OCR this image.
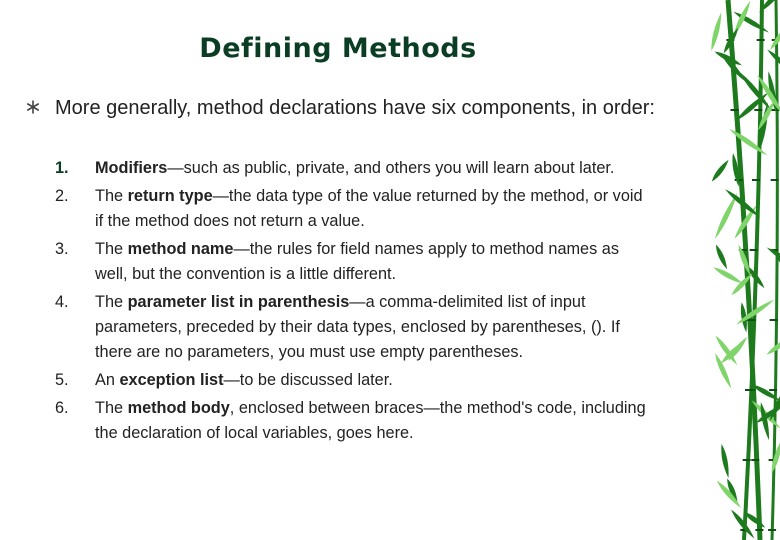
Defining Methods

More generally, method declarations have six components, in order:

1.	Modifiers—such as public, private, and others you will learn about later.
2.	The return type—the data type of the value returned by the method, or void if the method does not return a value.
3.	The method name—the rules for field names apply to method names as well, but the convention is a little different.
4.	The parameter list in parenthesis—a comma-delimited list of input parameters, preceded by their data types, enclosed by parentheses, (). If there are no parameters, you must use empty parentheses.
5.	An exception list—to be discussed later.
6.	The method body, enclosed between braces—the method's code, including the declaration of local variables, goes here.
